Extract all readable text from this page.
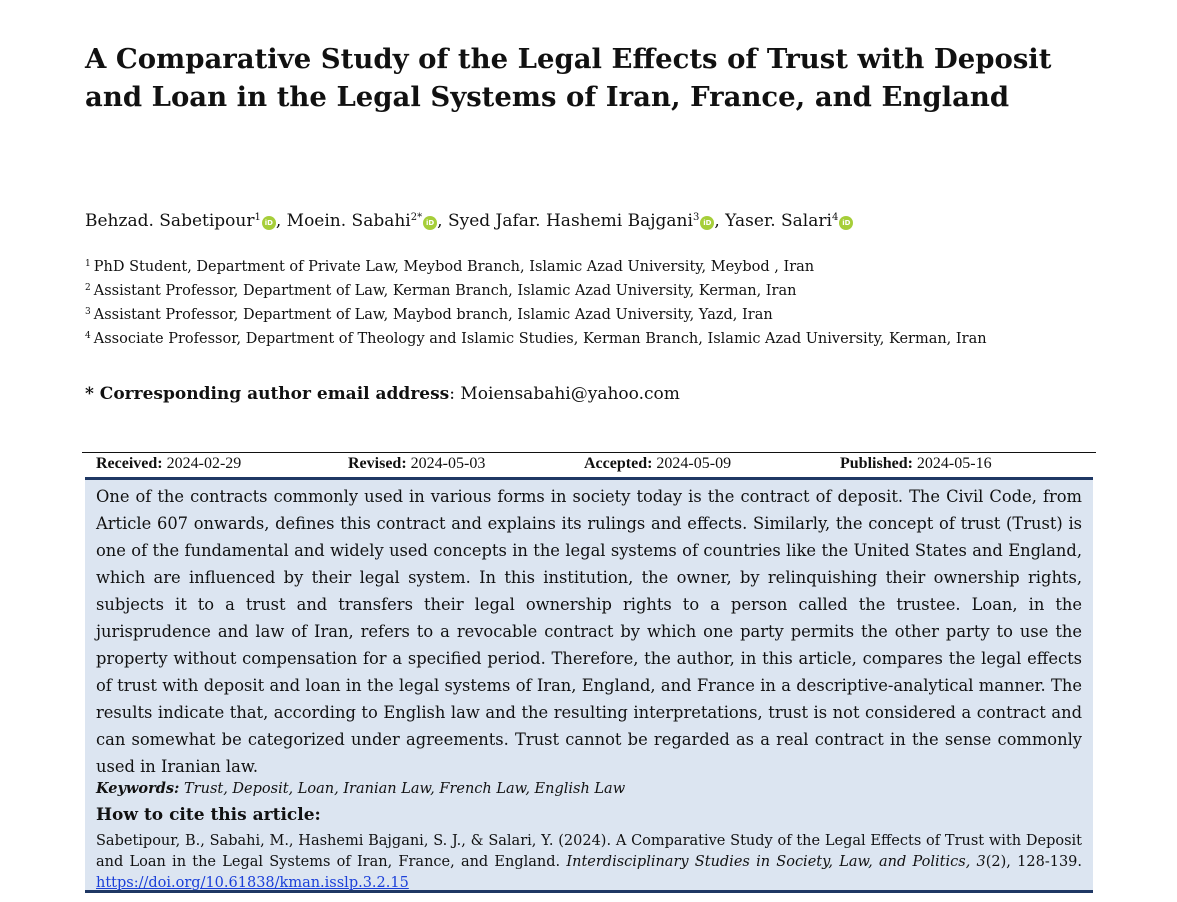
A Comparative Study of the Legal Effects of Trust with Deposit and Loan in the Legal Systems of Iran, France, and England
Behzad. Sabetipour$^1$ iD , Moein. Sabahi$^{2*}$ iD , Syed Jafar. Hashemi Bajgani$^3$ iD , Yaser. Salari$^4$ iD
$^1$ PhD Student, Department of Private Law, Meybod Branch, Islamic Azad University, Meybod , Iran
$^2$ Assistant Professor, Department of Law, Kerman Branch, Islamic Azad University, Kerman, Iran
$^3$ Assistant Professor, Department of Law, Maybod branch, Islamic Azad University, Yazd, Iran
$^4$ Associate Professor, Department of Theology and Islamic Studies, Kerman Branch, Islamic Azad University, Kerman, Iran
* Corresponding author email address: Moiensabahi@yahoo.com
Received: 2024-02-29	Revised: 2024-05-03	Accepted: 2024-05-09	Published: 2024-05-16

One of the contracts commonly used in various forms in society today is the contract of deposit. The Civil Code, from Article 607 onwards, defines this contract and explains its rulings and effects. Similarly, the concept of trust (Trust) is one of the fundamental and widely used concepts in the legal systems of countries like the United States and England, which are influenced by their legal system. In this institution, the owner, by relinquishing their ownership rights, subjects it to a trust and transfers their legal ownership rights to a person called the trustee. Loan, in the jurisprudence and law of Iran, refers to a revocable contract by which one party permits the other party to use the property without compensation for a specified period. Therefore, the author, in this article, compares the legal effects of trust with deposit and loan in the legal systems of Iran, England, and France in a descriptive-analytical manner. The results indicate that, according to English law and the resulting interpretations, trust is not considered a contract and can somewhat be categorized under agreements. Trust cannot be regarded as a real contract in the sense commonly used in Iranian law.

Keywords: Trust, Deposit, Loan, Iranian Law, French Law, English Law
How to cite this article:

Sabetipour, B., Sabahi, M., Hashemi Bajgani, S. J., & Salari, Y. (2024). A Comparative Study of the Legal Effects of Trust with Deposit and Loan in the Legal Systems of Iran, France, and England. Interdisciplinary Studies in Society, Law, and Politics, 3(2), 128-139. https://doi.org/10.61838/kman.isslp.3.2.15
